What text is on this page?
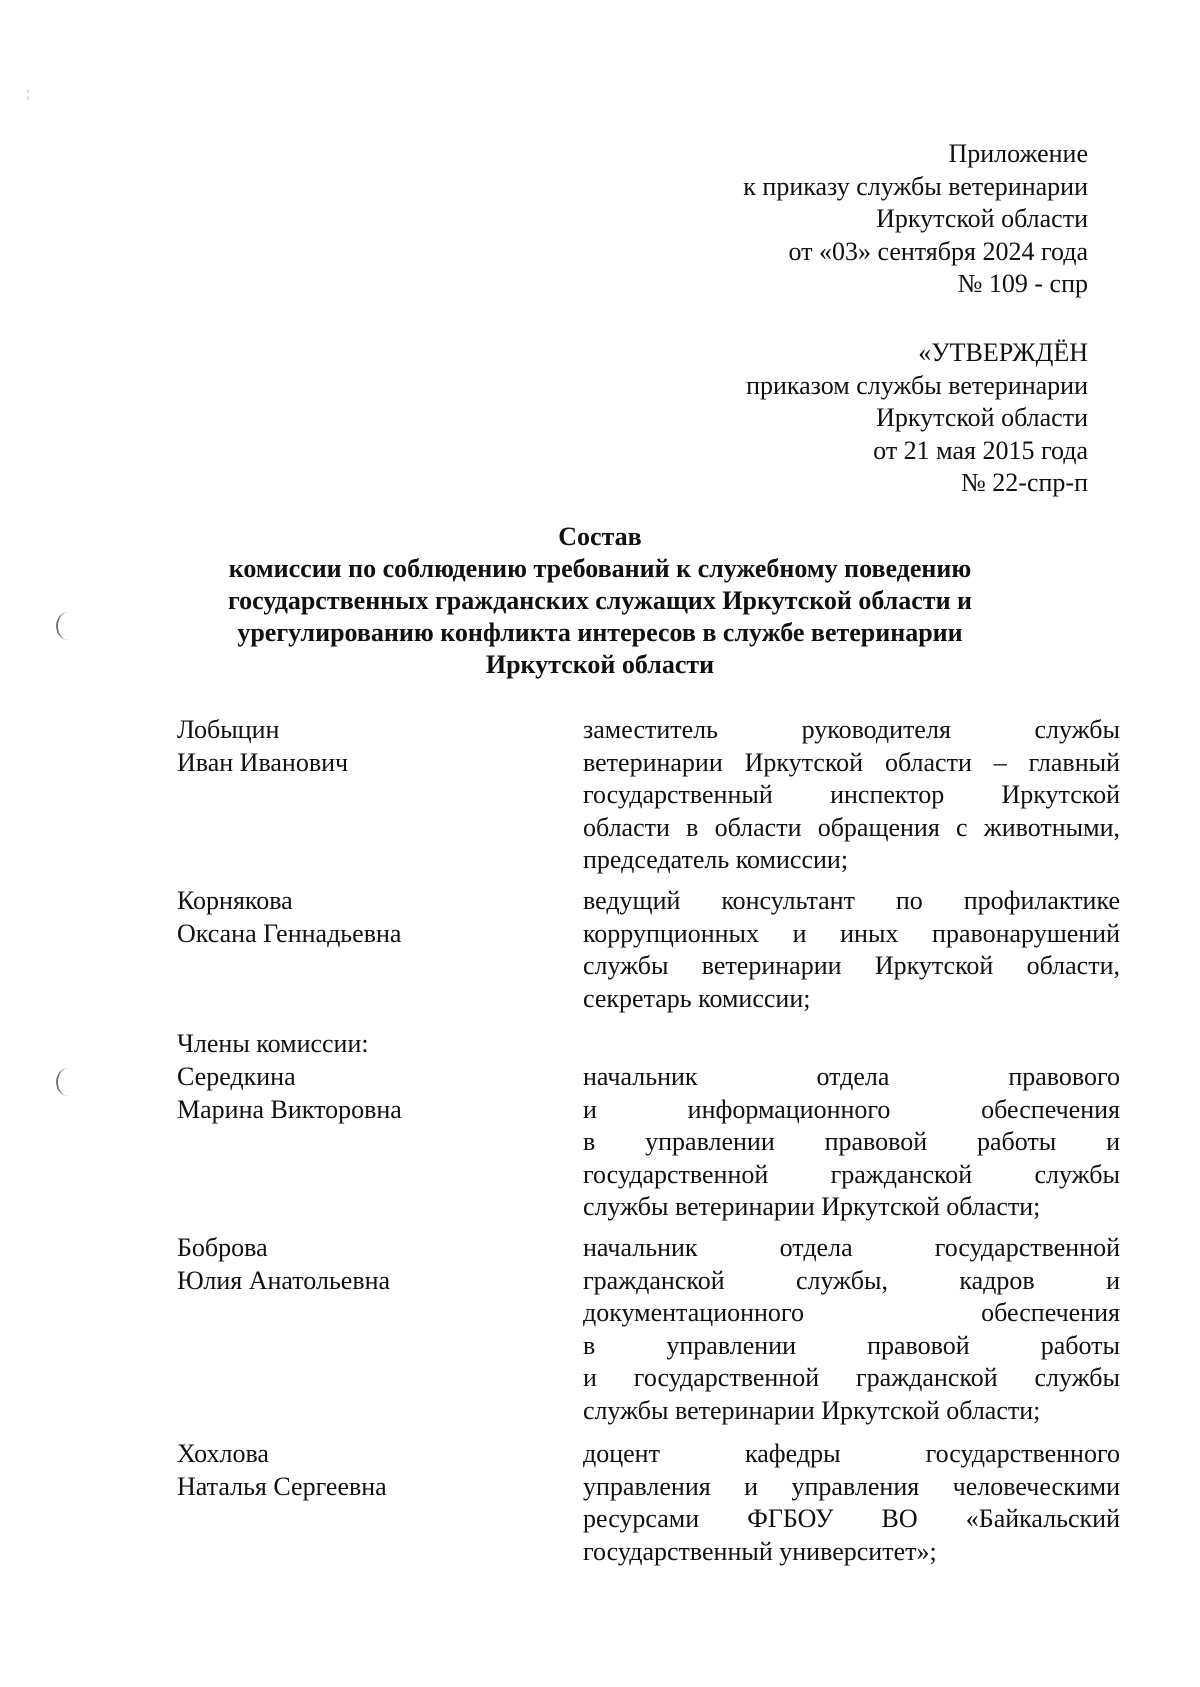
¦
Приложение
к приказу службы ветеринарии
Иркутской области
от «03» сентября 2024 года
№ 109 - спр
«УТВЕРЖДЁН
приказом службы ветеринарии
Иркутской области
от 21 мая 2015 года
№ 22-спр-п
Состав
комиссии по соблюдению требований к служебному поведению
государственных гражданских служащих Иркутской области и
урегулированию конфликта интересов в службе ветеринарии
Иркутской области
Лобыцин
Иван Иванович
заместитель руководителя службы
ветеринарии Иркутской области – главный
государственный инспектор Иркутской
области в области обращения с животными,
председатель комиссии;
Корнякова
Оксана Геннадьевна
ведущий консультант по профилактике
коррупционных и иных правонарушений
службы ветеринарии Иркутской области,
секретарь комиссии;
Члены комиссии:
Середкина
Марина Викторовна
начальник отдела правового
и информационного обеспечения
в управлении правовой работы и
государственной гражданской службы
службы ветеринарии Иркутской области;
Боброва
Юлия Анатольевна
начальник отдела государственной
гражданской службы, кадров и
документационного обеспечения
в управлении правовой работы
и государственной гражданской службы
службы ветеринарии Иркутской области;
Хохлова
Наталья Сергеевна
доцент кафедры государственного
управления и управления человеческими
ресурсами ФГБОУ ВО «Байкальский
государственный университет»;
